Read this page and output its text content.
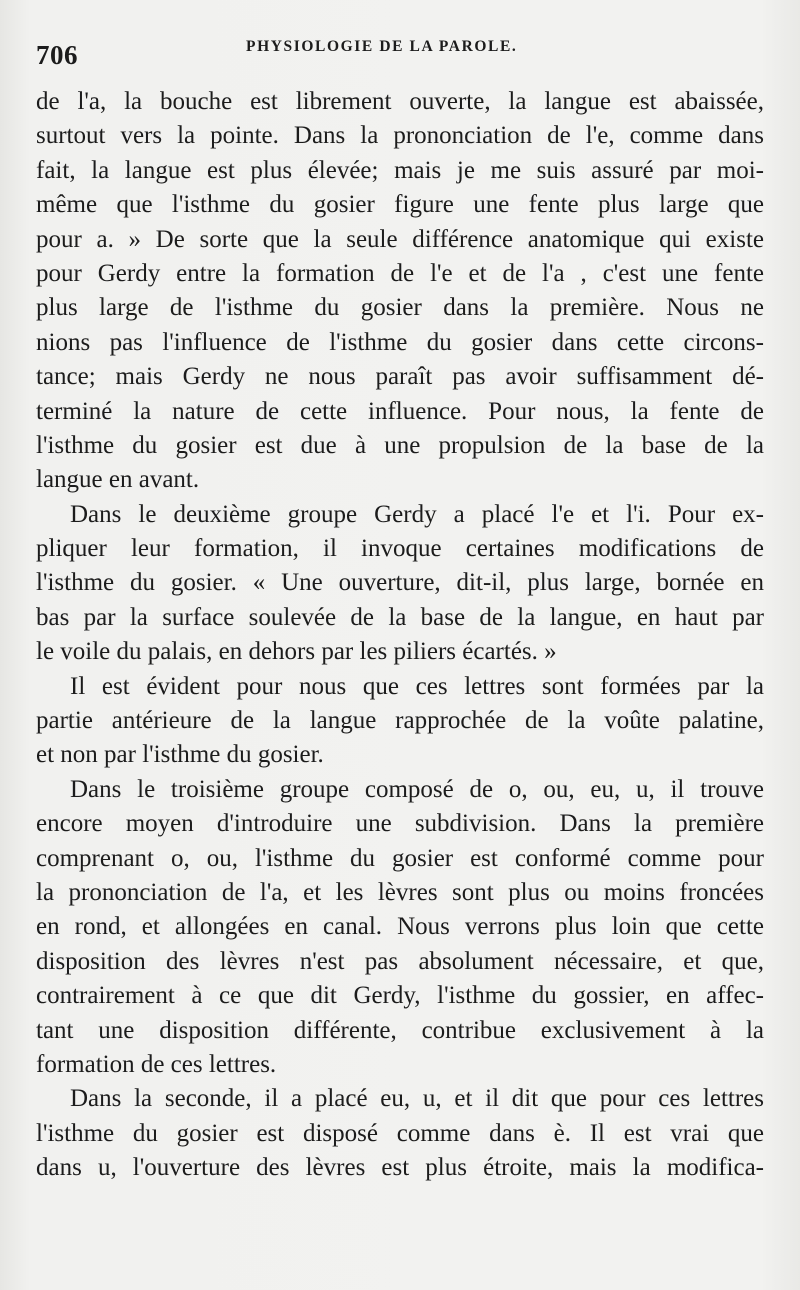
706	PHYSIOLOGIE DE LA PAROLE.
de l'a, la bouche est librement ouverte, la langue est abaissée,
surtout vers la pointe. Dans la prononciation de l'e, comme dans
fait, la langue est plus élevée; mais je me suis assuré par moi-
même que l'isthme du gosier figure une fente plus large que
pour a. » De sorte que la seule différence anatomique qui existe
pour Gerdy entre la formation de l'e et de l'a , c'est une fente
plus large de l'isthme du gosier dans la première. Nous ne
nions pas l'influence de l'isthme du gosier dans cette circons-
tance; mais Gerdy ne nous paraît pas avoir suffisamment dé-
terminé la nature de cette influence. Pour nous, la fente de
l'isthme du gosier est due à une propulsion de la base de la
langue en avant.
Dans le deuxième groupe Gerdy a placé l'e et l'i. Pour ex-
pliquer leur formation, il invoque certaines modifications de
l'isthme du gosier. « Une ouverture, dit-il, plus large, bornée en
bas par la surface soulevée de la base de la langue, en haut par
le voile du palais, en dehors par les piliers écartés. »
Il est évident pour nous que ces lettres sont formées par la
partie antérieure de la langue rapprochée de la voûte palatine,
et non par l'isthme du gosier.
Dans le troisième groupe composé de o, ou, eu, u, il trouve
encore moyen d'introduire une subdivision. Dans la première
comprenant o, ou, l'isthme du gosier est conformé comme pour
la prononciation de l'a, et les lèvres sont plus ou moins froncées
en rond, et allongées en canal. Nous verrons plus loin que cette
disposition des lèvres n'est pas absolument nécessaire, et que,
contrairement à ce que dit Gerdy, l'isthme du gossier, en affec-
tant une disposition différente, contribue exclusivement à la
formation de ces lettres.
Dans la seconde, il a placé eu, u, et il dit que pour ces lettres
l'isthme du gosier est disposé comme dans è. Il est vrai que
dans u, l'ouverture des lèvres est plus étroite, mais la modifica-
